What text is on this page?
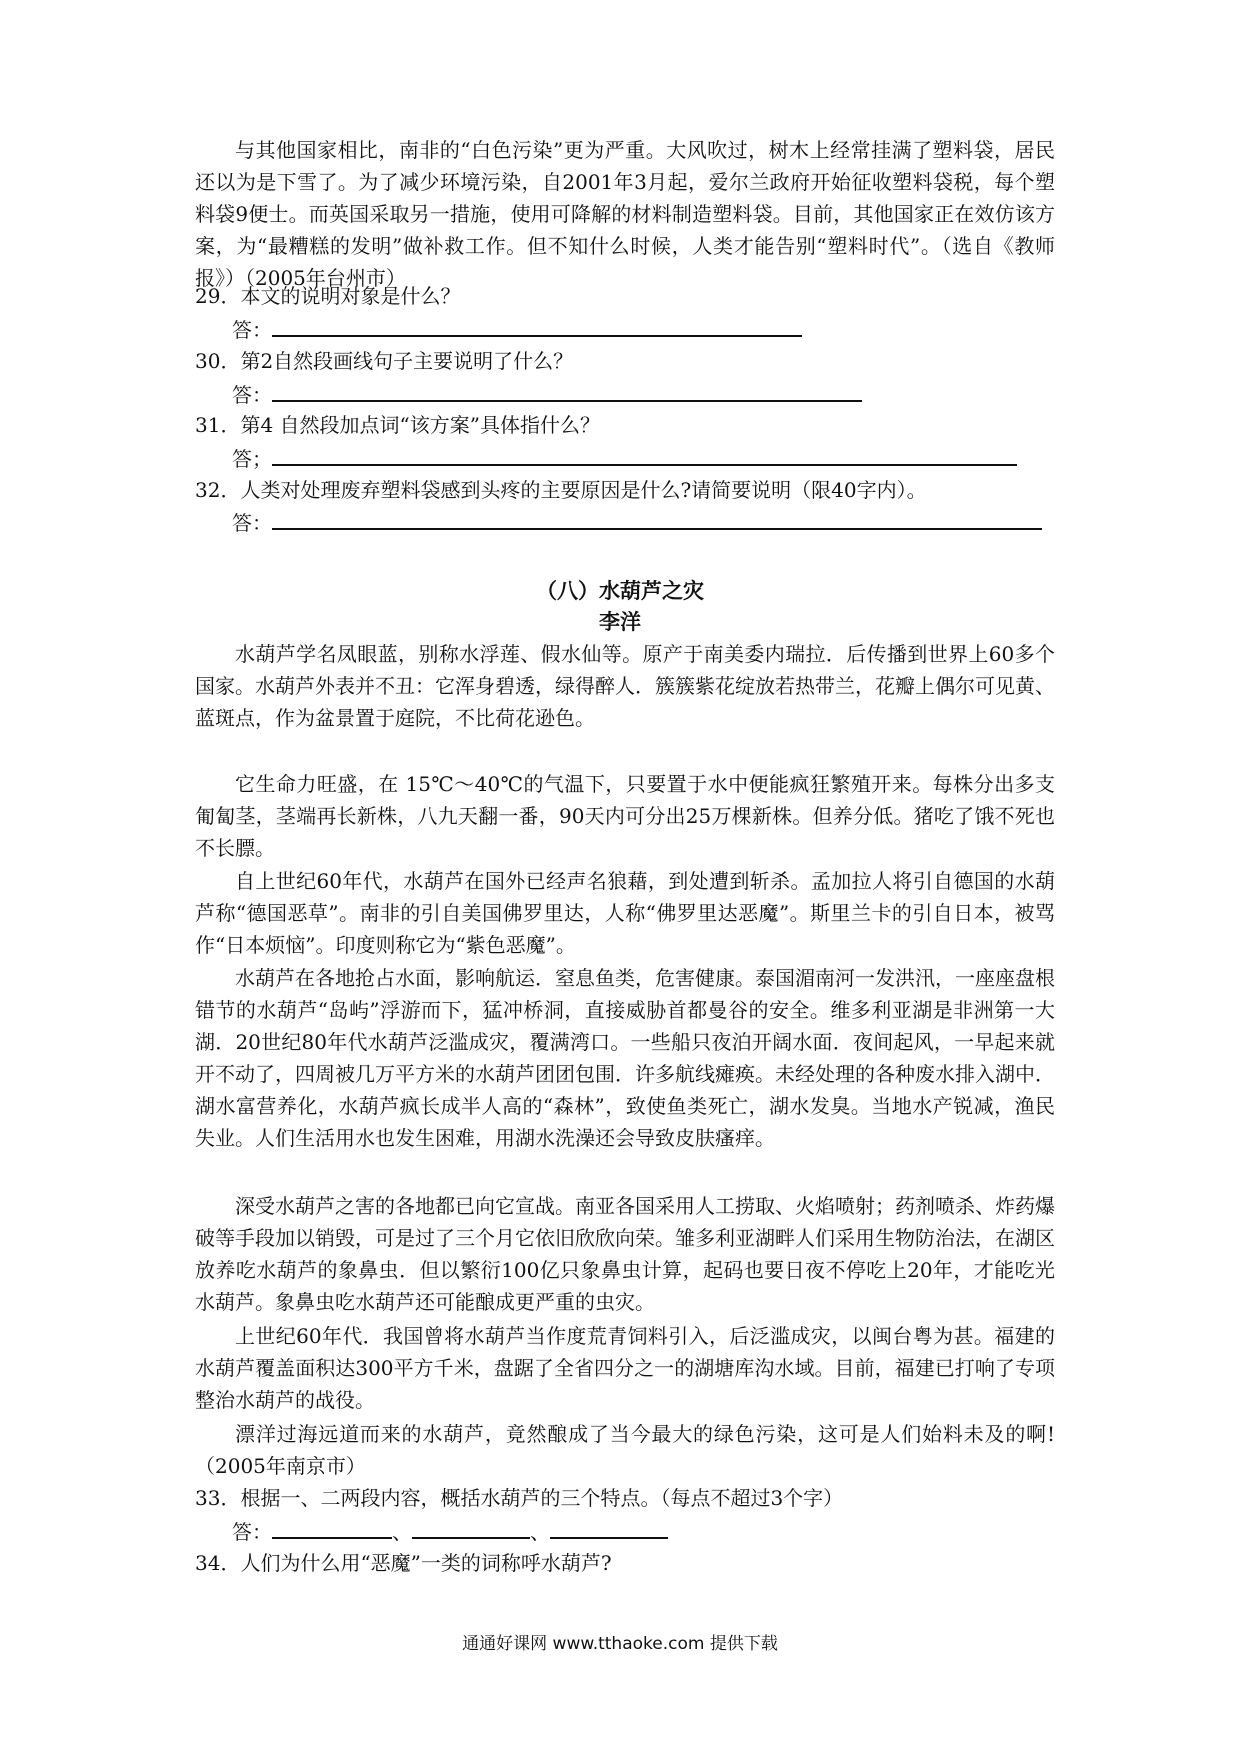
与其他国家相比，南非的“白色污染”更为严重。大风吹过，树木上经常挂满了塑料袋，居民还以为是下雪了。为了减少环境污染，自2001年3月起，爱尔兰政府开始征收塑料袋税，每个塑料袋9便士。而英国采取另一措施，使用可降解的材料制造塑料袋。目前，其他国家正在效仿该方案，为“最糟糕的发明”做补救工作。但不知什么时候，人类才能告别“塑料时代”。（选自《教师报》）（2005年台州市）

29．本文的说明对象是什么？
答：
30．第2自然段画线句子主要说明了什么？
答：
31．第4 自然段加点词“该方案”具体指什么？
答；
32．人类对处理废弃塑料袋感到头疼的主要原因是什么?请简要说明（限40字内）。
答：
（八）水葫芦之灾
李洋

水葫芦学名凤眼蓝，别称水浮莲、假水仙等。原产于南美委内瑞拉．后传播到世界上60多个国家。水葫芦外表并不丑：它浑身碧透，绿得醉人．簇簇紫花绽放若热带兰，花瓣上偶尔可见黄、蓝斑点，作为盆景置于庭院，不比荷花逊色。

它生命力旺盛，在 15℃～40℃的气温下，只要置于水中便能疯狂繁殖开来。每株分出多支匍匐茎，茎端再长新株，八九天翻一番，90天内可分出25万棵新株。但养分低。猪吃了饿不死也不长膘。

自上世纪60年代，水葫芦在国外已经声名狼藉，到处遭到斩杀。孟加拉人将引自德国的水葫芦称“德国恶草”。南非的引自美国佛罗里达，人称“佛罗里达恶魔”。斯里兰卡的引自日本，被骂作“日本烦恼”。印度则称它为“紫色恶魔”。

水葫芦在各地抢占水面，影响航运．窒息鱼类，危害健康。泰国湄南河一发洪汛，一座座盘根错节的水葫芦“岛屿”浮游而下，猛冲桥洞，直接威胁首都曼谷的安全。维多利亚湖是非洲第一大湖．20世纪80年代水葫芦泛滥成灾，覆满湾口。一些船只夜泊开阔水面．夜间起风，一早起来就开不动了，四周被几万平方米的水葫芦团团包围．许多航线瘫痪。未经处理的各种废水排入湖中．湖水富营养化，水葫芦疯长成半人高的“森林”，致使鱼类死亡，湖水发臭。当地水产锐减，渔民失业。人们生活用水也发生困难，用湖水洗澡还会导致皮肤瘙痒。

深受水葫芦之害的各地都已向它宣战。南亚各国采用人工捞取、火焰喷射；药剂喷杀、炸药爆破等手段加以销毁，可是过了三个月它依旧欣欣向荣。雏多利亚湖畔人们采用生物防治法，在湖区放养吃水葫芦的象鼻虫．但以繁衍100亿只象鼻虫计算，起码也要日夜不停吃上20年，才能吃光水葫芦。象鼻虫吃水葫芦还可能酿成更严重的虫灾。

上世纪60年代．我国曾将水葫芦当作度荒青饲料引入，后泛滥成灾，以闽台粤为甚。福建的水葫芦覆盖面积达300平方千米，盘踞了全省四分之一的湖塘库沟水域。目前，福建已打响了专项整治水葫芦的战役。

漂洋过海远道而来的水葫芦，竟然酿成了当今最大的绿色污染，这可是人们始料未及的啊!（2005年南京市）

33．根据一、二两段内容，概括水葫芦的三个特点。（每点不超过3个字）
答：	、	、
34．人们为什么用“恶魔”一类的词称呼水葫芦?
通通好课网 www.tthaoke.com 提供下载
